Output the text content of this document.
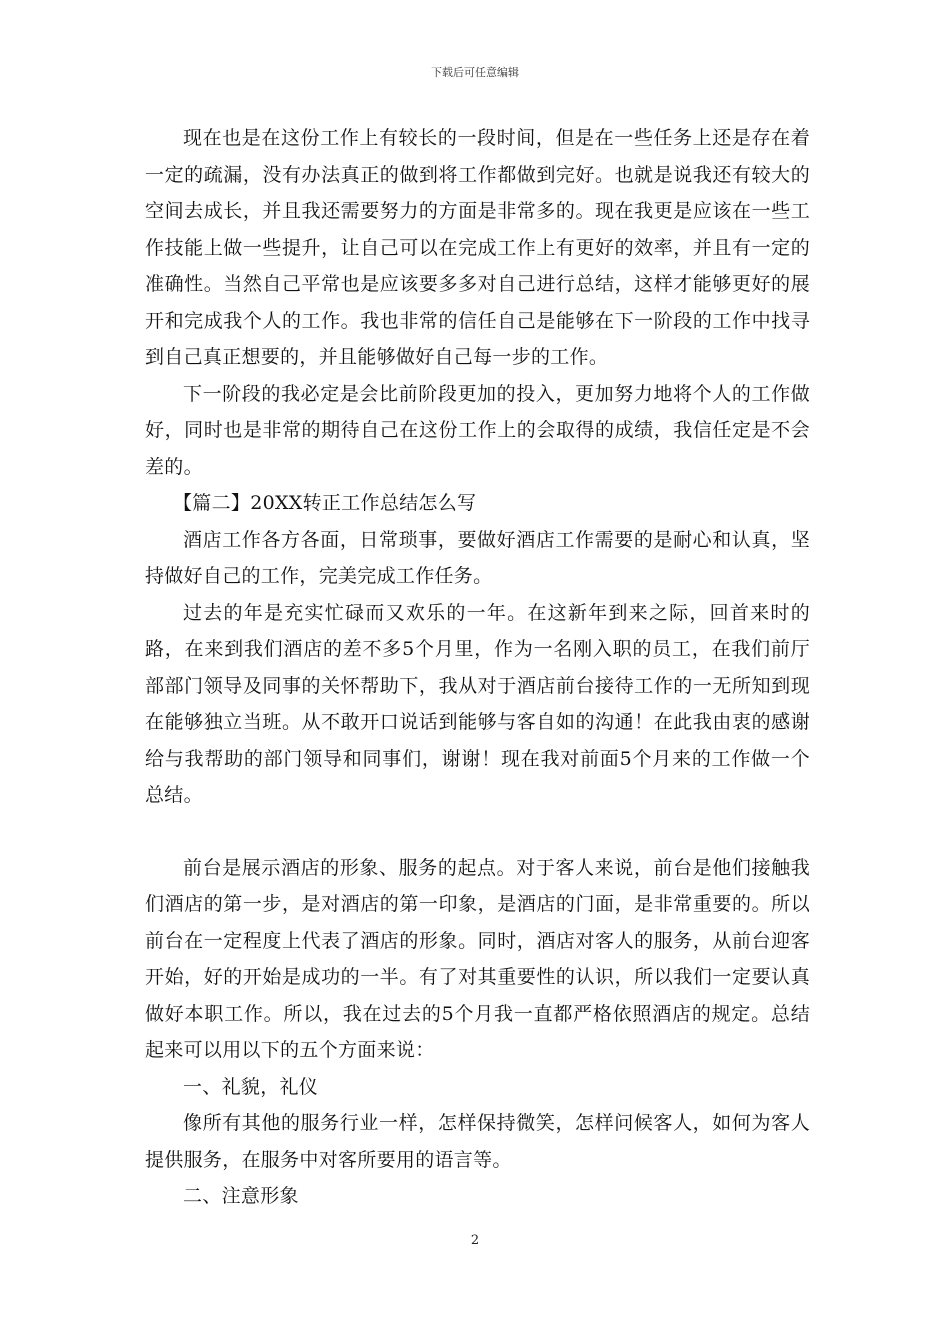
下载后可任意编辑

现在也是在这份工作上有较长的一段时间，但是在一些任务上还是存在着一定的疏漏，没有办法真正的做到将工作都做到完好。也就是说我还有较大的空间去成长，并且我还需要努力的方面是非常多的。现在我更是应该在一些工作技能上做一些提升，让自己可以在完成工作上有更好的效率，并且有一定的准确性。当然自己平常也是应该要多多对自己进行总结，这样才能够更好的展开和完成我个人的工作。我也非常的信任自己是能够在下一阶段的工作中找寻到自己真正想要的，并且能够做好自己每一步的工作。

下一阶段的我必定是会比前阶段更加的投入，更加努力地将个人的工作做好，同时也是非常的期待自己在这份工作上的会取得的成绩，我信任定是不会差的。

【篇二】20XX转正工作总结怎么写

酒店工作各方各面，日常琐事，要做好酒店工作需要的是耐心和认真，坚持做好自己的工作，完美完成工作任务。

过去的年是充实忙碌而又欢乐的一年。在这新年到来之际，回首来时的路，在来到我们酒店的差不多5个月里，作为一名刚入职的员工，在我们前厅部部门领导及同事的关怀帮助下，我从对于酒店前台接待工作的一无所知到现在能够独立当班。从不敢开口说话到能够与客自如的沟通！在此我由衷的感谢给与我帮助的部门领导和同事们，谢谢！现在我对前面5个月来的工作做一个总结。

前台是展示酒店的形象、服务的起点。对于客人来说，前台是他们接触我们酒店的第一步，是对酒店的第一印象，是酒店的门面，是非常重要的。所以前台在一定程度上代表了酒店的形象。同时，酒店对客人的服务，从前台迎客开始，好的开始是成功的一半。有了对其重要性的认识，所以我们一定要认真做好本职工作。所以，我在过去的5个月我一直都严格依照酒店的规定。总结起来可以用以下的五个方面来说：

一、礼貌，礼仪

像所有其他的服务行业一样，怎样保持微笑，怎样问候客人，如何为客人提供服务，在服务中对客所要用的语言等。

二、注意形象

2
